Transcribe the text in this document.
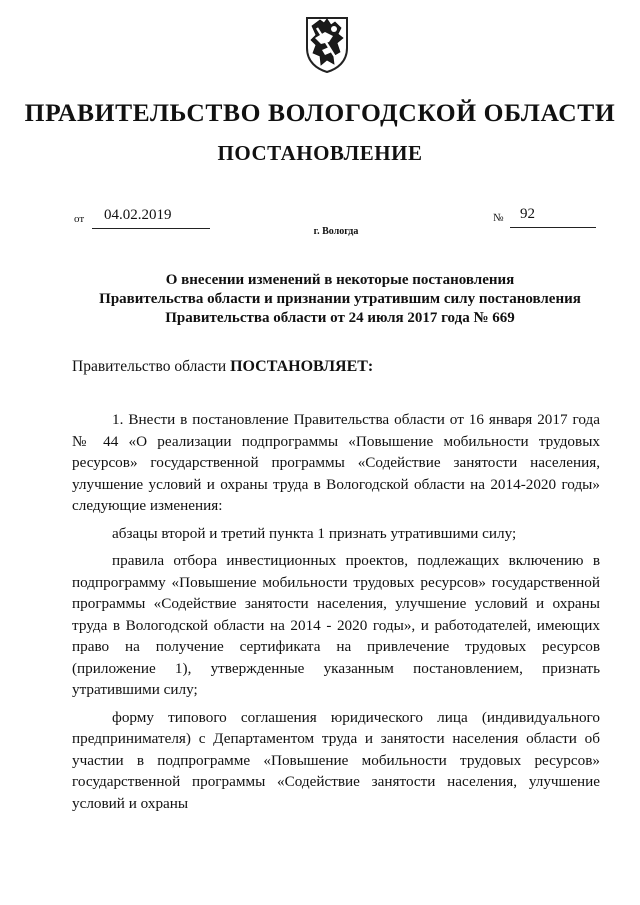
ПРАВИТЕЛЬСТВО ВОЛОГОДСКОЙ ОБЛАСТИ
ПОСТАНОВЛЕНИЕ
от 04.02.2019	№ 92
г. Вологда
О внесении изменений в некоторые постановления
Правительства области и признании утратившим силу постановления
Правительства области от 24 июля 2017 года № 669
Правительство области ПОСТАНОВЛЯЕТ:

1. Внести в постановление Правительства области от 16 января 2017 года № 44 «О реализации подпрограммы «Повышение мобильности трудовых ресурсов» государственной программы «Содействие занятости населения, улучшение условий и охраны труда в Вологодской области на 2014-2020 годы» следующие изменения:

абзацы второй и третий пункта 1 признать утратившими силу;

правила отбора инвестиционных проектов, подлежащих включению в подпрограмму «Повышение мобильности трудовых ресурсов» государственной программы «Содействие занятости населения, улучшение условий и охраны труда в Вологодской области на 2014 - 2020 годы», и работодателей, имеющих право на получение сертификата на привлечение трудовых ресурсов (приложение 1), утвержденные указанным постановлением, признать утратившими силу;

форму типового соглашения юридического лица (индивидуального предпринимателя) с Департаментом труда и занятости населения области об участии в подпрограмме «Повышение мобильности трудовых ресурсов» государственной программы «Содействие занятости населения, улучшение условий и охраны
